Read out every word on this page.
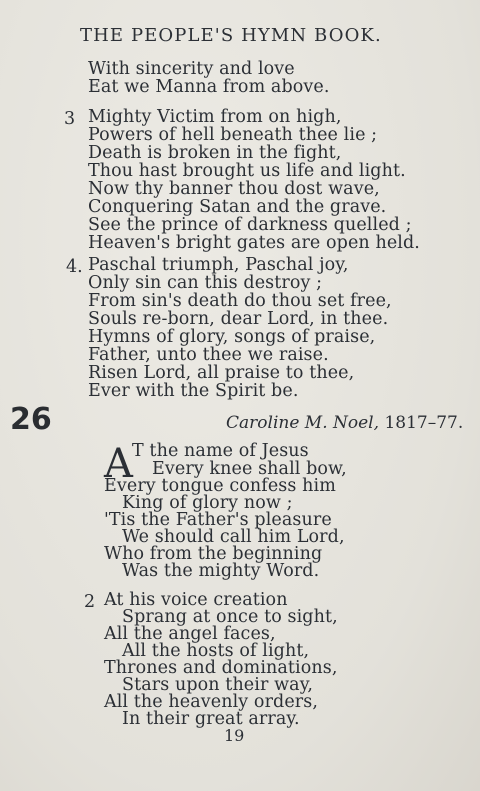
THE PEOPLE'S HYMN BOOK.
With sincerity and love
Eat we Manna from above.
3 Mighty Victim from on high,
Powers of hell beneath thee lie ;
Death is broken in the fight,
Thou hast brought us life and light.
Now thy banner thou dost wave,
Conquering Satan and the grave.
See the prince of darkness quelled ;
Heaven's bright gates are open held.
4. Paschal triumph, Paschal joy,
Only sin can this destroy ;
From sin's death do thou set free,
Souls re-born, dear Lord, in thee.
Hymns of glory, songs of praise,
Father, unto thee we raise.
Risen Lord, all praise to thee,
Ever with the Spirit be.
26	Caroline M. Noel, 1817–77.
A T the name of Jesus
Every knee shall bow,
Every tongue confess him
King of glory now ;
'Tis the Father's pleasure
We should call him Lord,
Who from the beginning
Was the mighty Word.
2 At his voice creation
Sprang at once to sight,
All the angel faces,
All the hosts of light,
Thrones and dominations,
Stars upon their way,
All the heavenly orders,
In their great array.
19
